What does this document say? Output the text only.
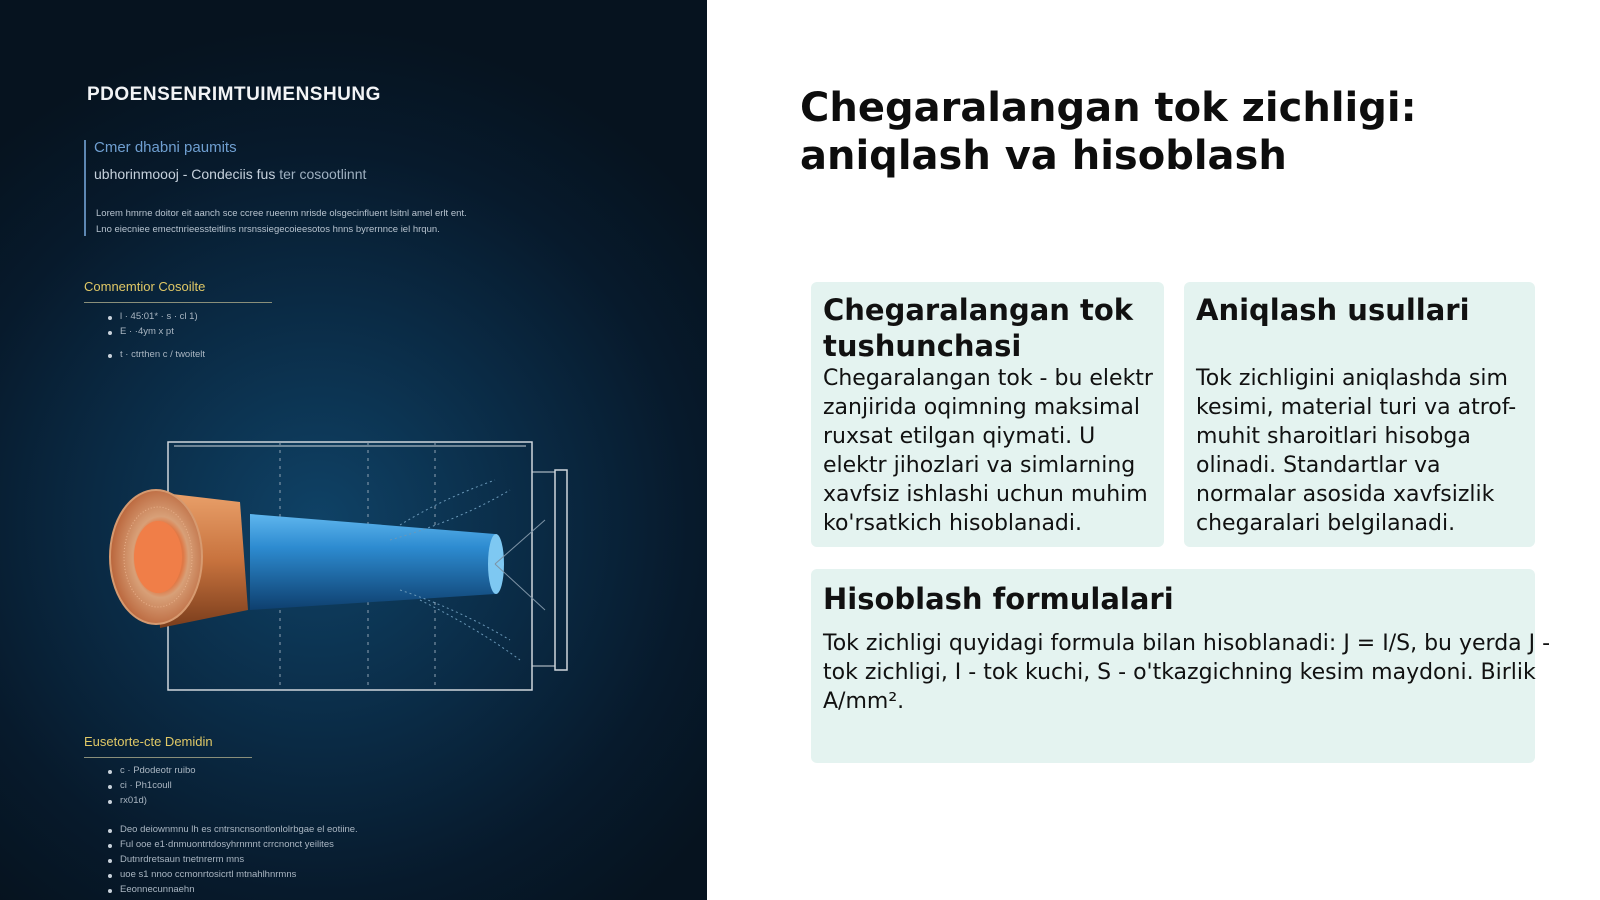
PDOENSENRIMTUIMENSHUNG
Cmer dhabni paumits
ubhorinmoooj - Condeciis fus ter cosootlinnt
Lorem hmrne doitor eit aanch sce ccree rueenm nrisde olsgecinfluent lsitnl amel erlt ent.
Lno eiecniee emectnrieessteitlins nrsnssiegecoieesotos hnns byrernnce iel hrqun.
Comnemtior Cosoilte
l · 45:01* · s · cl 1)
E · ·4ym x pt
t · ctrthen c / twoitelt
Eusetorte-cte Demidin
c · Pdodeotr ruibo
ci · Ph1coull
rx01d)
Deo deiownmnu lh es cntrsncnsontlonlolrbgae el eotiine.
Ful ooe e1·dnmuontrtdosyhrnmnt crrcnonct yeilites
Dutnrdretsaun tnetnrerm mns
uoe s1 nnoo ccmonrtosicrtl mtnahlhnrmns
Eeonnecunnaehn
Chegaralangan tok zichligi: aniqlash va hisoblash
Chegaralangan tok tushunchasi

Chegaralangan tok - bu elektr zanjirida oqimning maksimal ruxsat etilgan qiymati. U elektr jihozlari va simlarning xavfsiz ishlashi uchun muhim ko'rsatkich hisoblanadi.

Aniqlash usullari

Tok zichligini aniqlashda sim kesimi, material turi va atrof-muhit sharoitlari hisobga olinadi. Standartlar va normalar asosida xavfsizlik chegaralari belgilanadi.

Hisoblash formulalari

Tok zichligi quyidagi formula bilan hisoblanadi: J = I/S, bu yerda J - tok zichligi, I - tok kuchi, S - o'tkazgichning kesim maydoni. Birlik A/mm².
